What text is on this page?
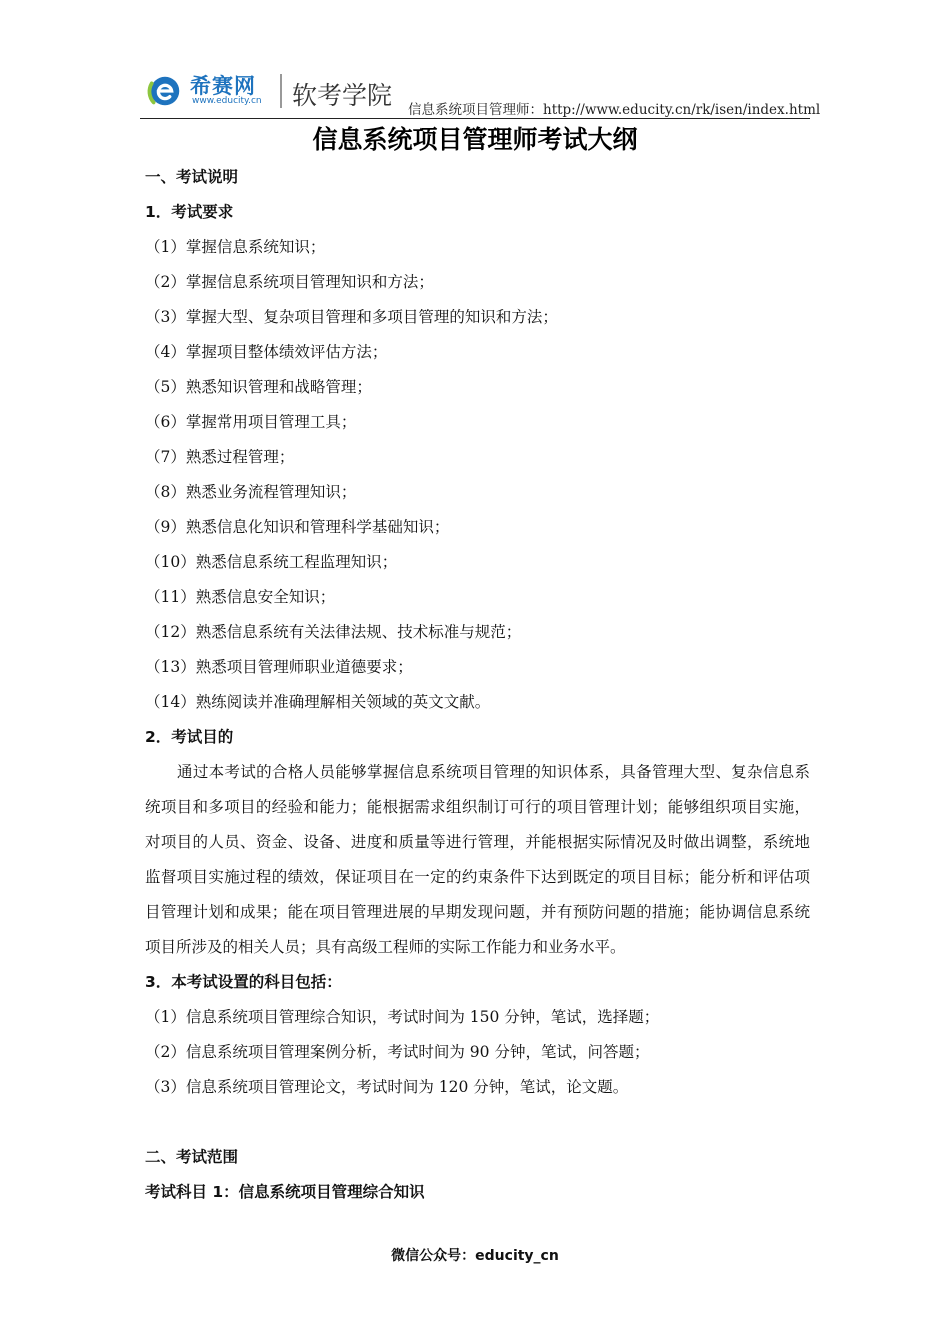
希赛网
www.educity.cn 软考学院 信息系统项目管理师：http://www.educity.cn/rk/isen/index.html
信息系统项目管理师考试大纲
一、考试说明
1．考试要求

（1）掌握信息系统知识；

（2）掌握信息系统项目管理知识和方法；

（3）掌握大型、复杂项目管理和多项目管理的知识和方法；

（4）掌握项目整体绩效评估方法；

（5）熟悉知识管理和战略管理；

（6）掌握常用项目管理工具；

（7）熟悉过程管理；

（8）熟悉业务流程管理知识；

（9）熟悉信息化知识和管理科学基础知识；

（10）熟悉信息系统工程监理知识；

（11）熟悉信息安全知识；

（12）熟悉信息系统有关法律法规、技术标准与规范；

（13）熟悉项目管理师职业道德要求；

（14）熟练阅读并准确理解相关领域的英文文献。

2．考试目的

通过本考试的合格人员能够掌握信息系统项目管理的知识体系，具备管理大型、复杂信息系统项目和多项目的经验和能力；能根据需求组织制订可行的项目管理计划；能够组织项目实施，对项目的人员、资金、设备、进度和质量等进行管理，并能根据实际情况及时做出调整，系统地监督项目实施过程的绩效，保证项目在一定的约束条件下达到既定的项目目标；能分析和评估项目管理计划和成果；能在项目管理进展的早期发现问题，并有预防问题的措施；能协调信息系统项目所涉及的相关人员；具有高级工程师的实际工作能力和业务水平。

3．本考试设置的科目包括：

（1）信息系统项目管理综合知识，考试时间为 150 分钟，笔试，选择题；

（2）信息系统项目管理案例分析，考试时间为 90 分钟，笔试，问答题；

（3）信息系统项目管理论文，考试时间为 120 分钟，笔试，论文题。

二、考试范围
考试科目 1：信息系统项目管理综合知识
微信公众号：educity_cn
